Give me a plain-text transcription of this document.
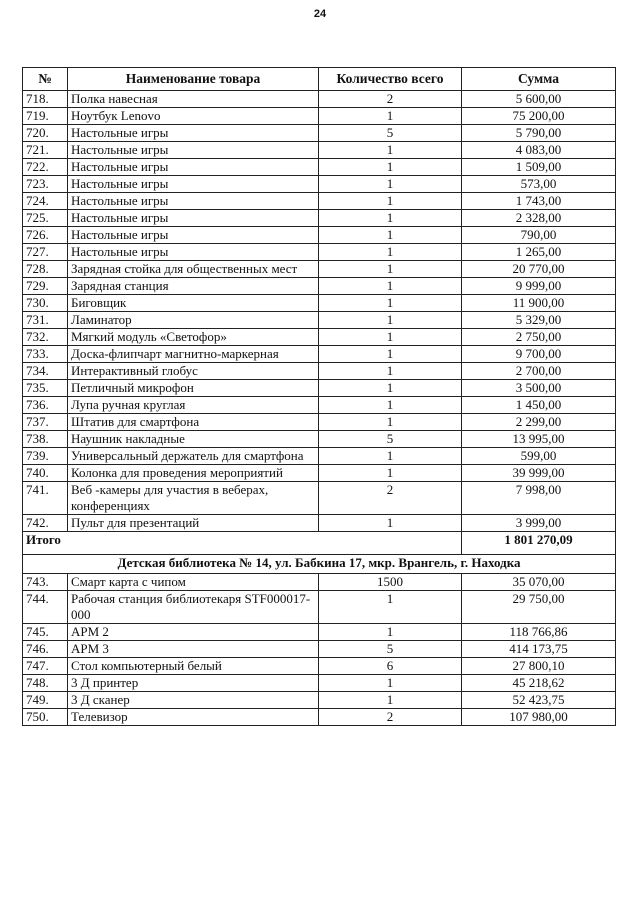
24
№	Наименование товара	Количество всего	Сумма
718.	Полка навесная	2	5 600,00
719.	Ноутбук Lenovo	1	75 200,00
720.	Настольные игры	5	5 790,00
721.	Настольные игры	1	4 083,00
722.	Настольные игры	1	1 509,00
723.	Настольные игры	1	573,00
724.	Настольные игры	1	1 743,00
725.	Настольные игры	1	2 328,00
726.	Настольные игры	1	790,00
727.	Настольные игры	1	1 265,00
728.	Зарядная стойка для общественных мест	1	20 770,00
729.	Зарядная станция	1	9 999,00
730.	Биговщик	1	11 900,00
731.	Ламинатор	1	5 329,00
732.	Мягкий модуль «Светофор»	1	2 750,00
733.	Доска-флипчарт магнитно-маркерная	1	9 700,00
734.	Интерактивный глобус	1	2 700,00
735.	Петличный микрофон	1	3 500,00
736.	Лупа ручная круглая	1	1 450,00
737.	Штатив для смартфона	1	2 299,00
738.	Наушник накладные	5	13 995,00
739.	Универсальный держатель для смартфона	1	599,00
740.	Колонка для проведения мероприятий	1	39 999,00
741.	Веб -камеры для участия в веберах, конференциях	2	7 998,00
742.	Пульт для презентаций	1	3 999,00
Итого			1 801 270,09
Детская библиотека № 14, ул. Бабкина 17, мкр. Врангель, г. Находка			
743.	Смарт карта с чипом	1500	35 070,00
744.	Рабочая станция библиотекаря STF000017-000	1	29 750,00
745.	АРМ 2	1	118 766,86
746.	АРМ 3	5	414 173,75
747.	Стол компьютерный белый	6	27 800,10
748.	3 Д принтер	1	45 218,62
749.	3 Д сканер	1	52 423,75
750.	Телевизор	2	107 980,00
